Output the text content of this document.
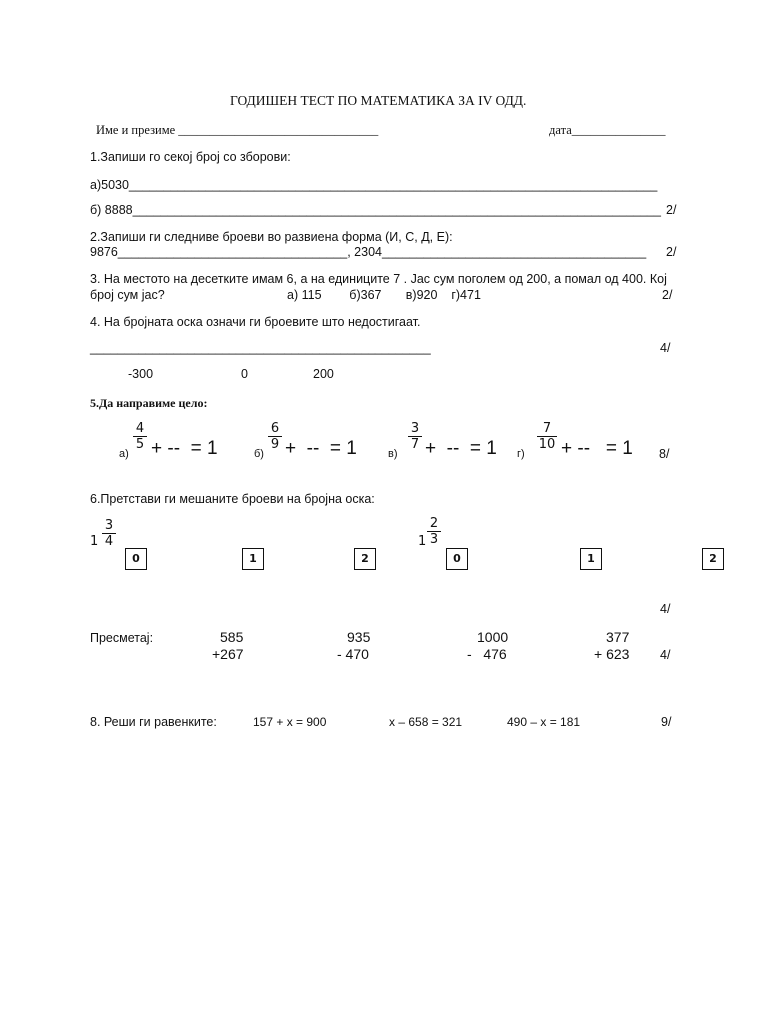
ГОДИШЕН ТЕСТ ПО МАТЕМАТИКА ЗА IV ОДД.
Име и презиме ________________________________	дата_______________
1.Запиши го секој број со зборови:
а)5030____________________________________________________________________________
б) 8888____________________________________________________________________________ 2/
2.Запиши ги следниве броеви во развиена форма (И, С, Д, Е):
9876_________________________________, 2304______________________________________ 2/
3. На местото на десетките имам 6, а на единиците 7 . Јас сум поголем од 200, а помал од 400. Кој
број сум јас?	а) 115        б)367       в)920    г)471	2/
4. На бројната оска означи ги броевите што недостигаат.
_________________________________________________	4/
-300	0	200
5.Да направиме цело:
а)
4
5 + --  = 1	б)
6
9 +  --  = 1	в)
3
7 +  --  = 1 г)
7
10 + --   = 1 8/
6.Претстави ги мешаните броеви на бројна оска:
1
3
4	1
2
3
0	1	2	0	1	2
4/
Пресметај:	585
+267
935
- 470
1000
-   476
377
+ 623 4/
8. Реши ги равенките:	157 + x = 900	x – 658 = 321	490 – x = 181	9/
